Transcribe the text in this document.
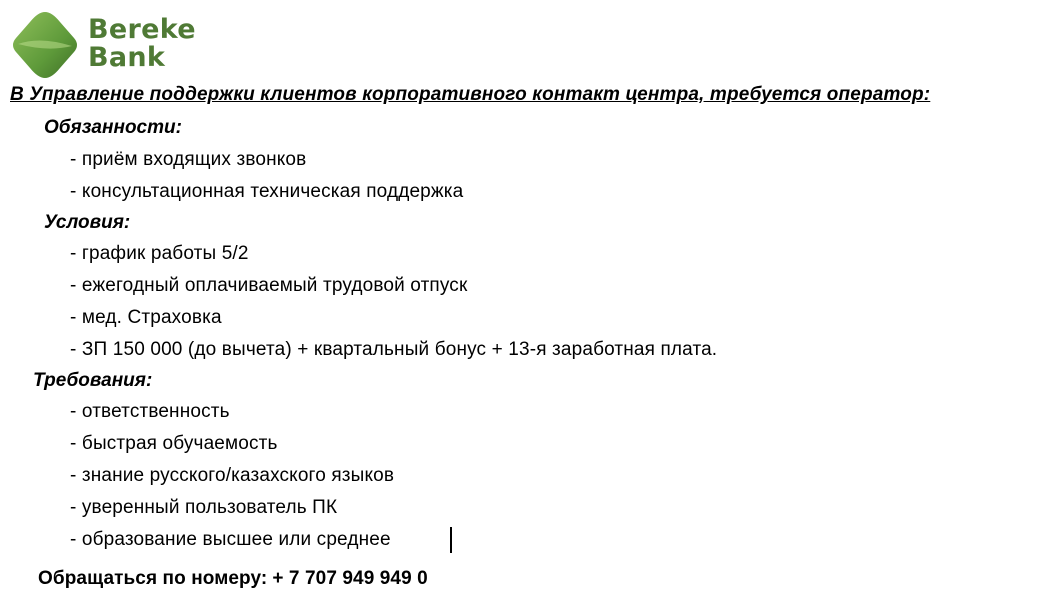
Bereke
Bank
В Управление поддержки клиентов корпоративного контакт центра, требуется оператор:
Обязанности:
- приём входящих звонков
- консультационная техническая поддержка
Условия:
- график работы 5/2
- ежегодный оплачиваемый трудовой отпуск
- мед. Страховка
- ЗП 150 000 (до вычета) + квартальный бонус + 13-я заработная плата.
Требования:
- ответственность
- быстрая обучаемость
- знание русского/казахского языков
- уверенный пользователь ПК
- образование высшее или среднее
Обращаться по номеру: + 7 707 949 949 0
